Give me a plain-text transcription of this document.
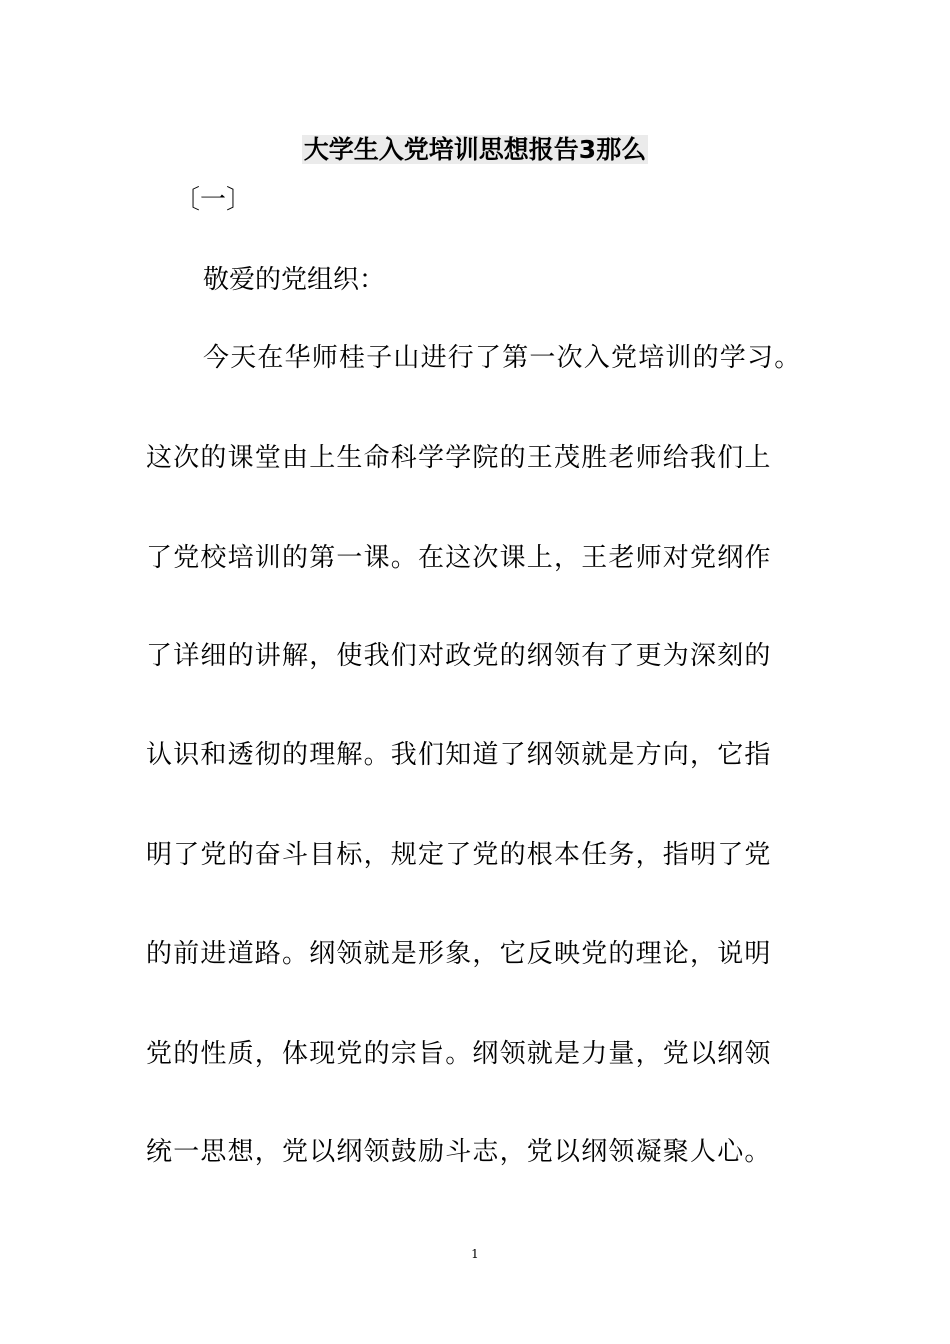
大学生入党培训思想报告3那么
〔一〕
敬爱的党组织：
今天在华师桂子山进行了第一次入党培训的学习。
这次的课堂由上生命科学学院的王茂胜老师给我们上
了党校培训的第一课。在这次课上，王老师对党纲作
了详细的讲解，使我们对政党的纲领有了更为深刻的
认识和透彻的理解。我们知道了纲领就是方向，它指
明了党的奋斗目标，规定了党的根本任务，指明了党
的前进道路。纲领就是形象，它反映党的理论，说明
党的性质，体现党的宗旨。纲领就是力量，党以纲领
统一思想，党以纲领鼓励斗志，党以纲领凝聚人心。
1
